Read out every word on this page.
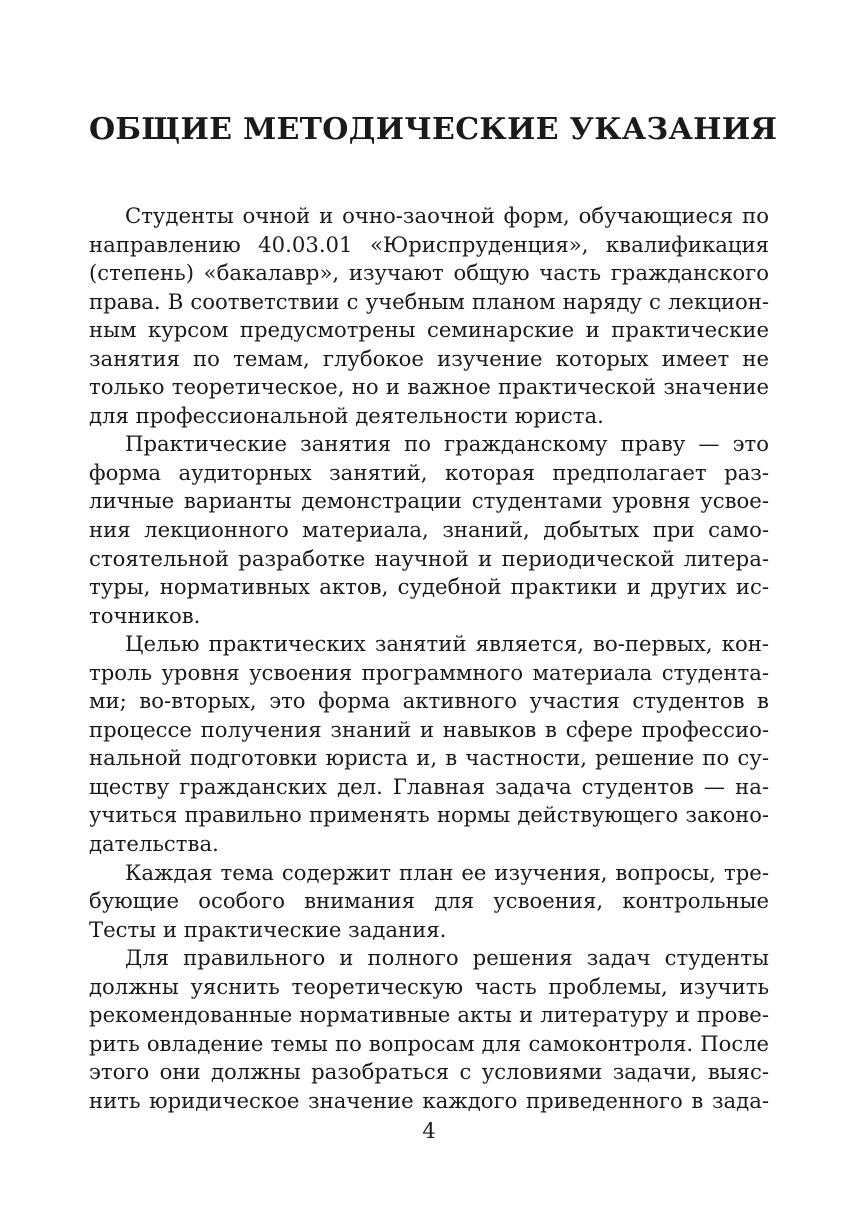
ОБЩИЕ МЕТОДИЧЕСКИЕ УКАЗАНИЯ
Студенты очной и очно-заочной форм, обучающиеся по
направлению 40.03.01 «Юриспруденция», квалификация
(степень) «бакалавр», изучают общую часть гражданского
права. В соответствии с учебным планом наряду с лекцион-
ным курсом предусмотрены семинарские и практические
занятия по темам, глубокое изучение которых имеет не
только теоретическое, но и важное практической значение
для профессиональной деятельности юриста.
Практические занятия по гражданскому праву — это
форма аудиторных занятий, которая предполагает раз-
личные варианты демонстрации студентами уровня усвое-
ния лекционного материала, знаний, добытых при само-
стоятельной разработке научной и периодической литера-
туры, нормативных актов, судебной практики и других ис-
точников.
Целью практических занятий является, во-первых, кон-
троль уровня усвоения программного материала студента-
ми; во-вторых, это форма активного участия студентов в
процессе получения знаний и навыков в сфере профессио-
нальной подготовки юриста и, в частности, решение по су-
ществу гражданских дел. Главная задача студентов — на-
учиться правильно применять нормы действующего законо-
дательства.
Каждая тема содержит план ее изучения, вопросы, тре-
бующие особого внимания для усвоения, контрольные
Тесты и практические задания.
Для правильного и полного решения задач студенты
должны уяснить теоретическую часть проблемы, изучить
рекомендованные нормативные акты и литературу и прове-
рить овладение темы по вопросам для самоконтроля. После
этого они должны разобраться с условиями задачи, выяс-
нить юридическое значение каждого приведенного в зада-
4
